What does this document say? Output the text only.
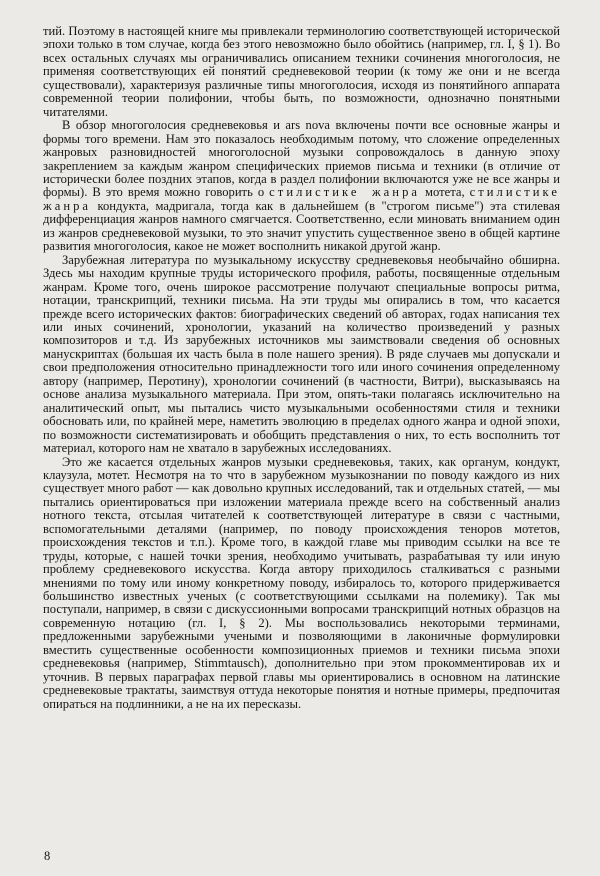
тий. Поэтому в настоящей книге мы привлекали терминологию соответствующей исторической эпохи только в том случае, когда без этого невозможно было обойтись (например, гл. I, § 1). Во всех остальных случаях мы ограничивались описанием техники сочинения многоголосия, не применяя соответствующих ей понятий средневековой теории (к тому же они и не всегда существовали), характеризуя различные типы многоголосия, исходя из понятийного аппарата современной теории полифонии, чтобы быть, по возможности, однозначно понятными читателями.

В обзор многоголосия средневековья и ars nova включены почти все основные жанры и формы того времени. Нам это показалось необходимым потому, что сложение определенных жанровых разновидностей многоголосной музыки сопровождалось в данную эпоху закреплением за каждым жанром специфических приемов письма и техники (в отличие от исторически более поздних этапов, когда в раздел полифонии включаются уже не все жанры и формы). В это время можно говорить о стилистике жанра мотета, стилистике жанра кондукта, мадригала, тогда как в дальнейшем (в "строгом письме") эта стилевая дифференциация жанров намного смягчается. Соответственно, если миновать вниманием один из жанров средневековой музыки, то это значит упустить существенное звено в общей картине развития многоголосия, какое не может восполнить никакой другой жанр.

Зарубежная литература по музыкальному искусству средневековья необычайно обширна. Здесь мы находим крупные труды исторического профиля, работы, посвященные отдельным жанрам. Кроме того, очень широкое рассмотрение получают специальные вопросы ритма, нотации, транскрипций, техники письма. На эти труды мы опирались в том, что касается прежде всего исторических фактов: биографических сведений об авторах, годах написания тех или иных сочинений, хронологии, указаний на количество произведений у разных композиторов и т.д. Из зарубежных источников мы заимствовали сведения об основных манускриптах (большая их часть была в поле нашего зрения). В ряде случаев мы допускали и свои предположения относительно принадлежности того или иного сочинения определенному автору (например, Перотину), хронологии сочинений (в частности, Витри), высказываясь на основе анализа музыкального материала. При этом, опять-таки полагаясь исключительно на аналитический опыт, мы пытались чисто музыкальными особенностями стиля и техники обосновать или, по крайней мере, наметить эволюцию в пределах одного жанра и одной эпохи, по возможности систематизировать и обобщить представления о них, то есть восполнить тот материал, которого нам не хватало в зарубежных исследованиях.

Это же касается отдельных жанров музыки средневековья, таких, как органум, кондукт, клаузула, мотет. Несмотря на то что в зарубежном музыкознании по поводу каждого из них существует много работ — как довольно крупных исследований, так и отдельных статей, — мы пытались ориентироваться при изложении материала прежде всего на собственный анализ нотного текста, отсылая читателей к соответствующей литературе в связи с частными, вспомогательными деталями (например, по поводу происхождения теноров мотетов, происхождения текстов и т.п.). Кроме того, в каждой главе мы приводим ссылки на все те труды, которые, с нашей точки зрения, необходимо учитывать, разрабатывая ту или иную проблему средневекового искусства. Когда автору приходилось сталкиваться с разными мнениями по тому или иному конкретному поводу, избиралось то, которого придерживается большинство известных ученых (с соответствующими ссылками на полемику). Так мы поступали, например, в связи с дискуссионными вопросами транскрипций нотных образцов на современную нотацию (гл. I, § 2). Мы воспользовались некоторыми терминами, предложенными зарубежными учеными и позволяющими в лаконичные формулировки вместить существенные особенности композиционных приемов и техники письма эпохи средневековья (например, Stimmtausch), дополнительно при этом прокомментировав их и уточнив. В первых параграфах первой главы мы ориентировались в основном на латинские средневековые трактаты, заимствуя оттуда некоторые понятия и нотные примеры, предпочитая опираться на подлинники, а не на их пересказы.

8
